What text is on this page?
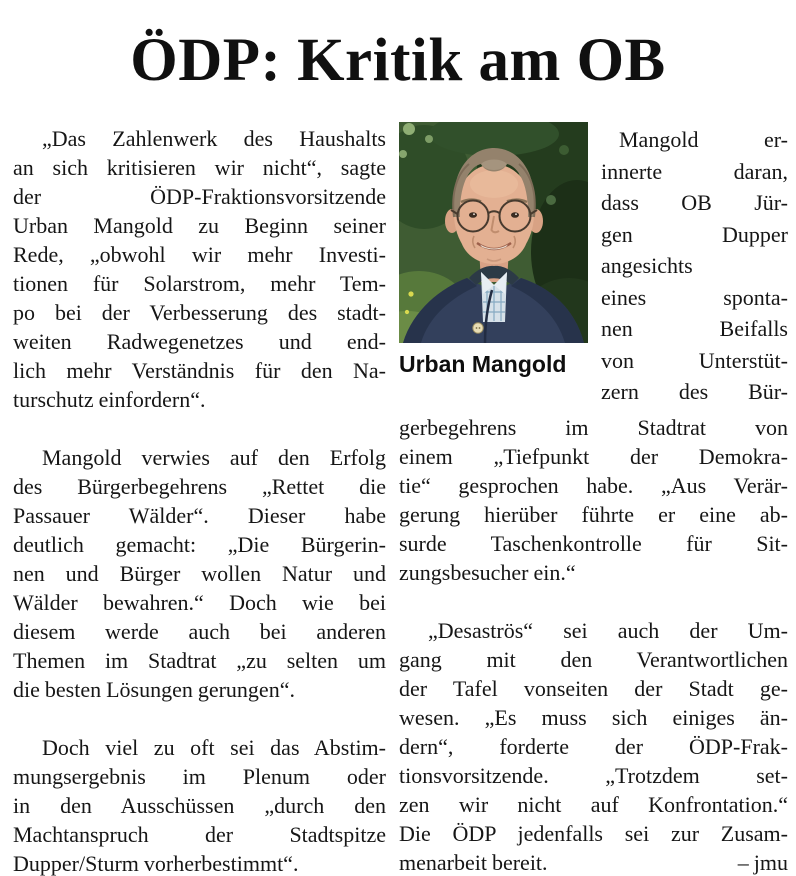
ÖDP: Kritik am OB
„Das Zahlenwerk des Haushalts
an sich kritisieren wir nicht“, sagte
der ÖDP-Fraktionsvorsitzende
Urban Mangold zu Beginn seiner
Rede, „obwohl wir mehr Investi-
tionen für Solarstrom, mehr Tem-
po bei der Verbesserung des stadt-
weiten Radwegenetzes und end-
lich mehr Verständnis für den Na-
turschutz einfordern“.
Mangold verwies auf den Erfolg
des Bürgerbegehrens „Rettet die
Passauer Wälder“. Dieser habe
deutlich gemacht: „Die Bürgerin-
nen und Bürger wollen Natur und
Wälder bewahren.“ Doch wie bei
diesem werde auch bei anderen
Themen im Stadtrat „zu selten um
die besten Lösungen gerungen“.
Doch viel zu oft sei das Abstim-
mungsergebnis im Plenum oder
in den Ausschüssen „durch den
Machtanspruch der Stadtspitze
Dupper/Sturm vorherbestimmt“.
Urban Mangold
Mangold er-
innerte daran,
dass OB Jür-
gen Dupper
angesichts
eines sponta-
nen Beifalls
von Unterstüt-
zern des Bür-
gerbegehrens im Stadtrat von
einem „Tiefpunkt der Demokra-
tie“ gesprochen habe. „Aus Verär-
gerung hierüber führte er eine ab-
surde Taschenkontrolle für Sit-
zungsbesucher ein.“
„Desaströs“ sei auch der Um-
gang mit den Verantwortlichen
der Tafel vonseiten der Stadt ge-
wesen. „Es muss sich einiges än-
dern“, forderte der ÖDP-Frak-
tionsvorsitzende. „Trotzdem set-
zen wir nicht auf Konfrontation.“
Die ÖDP jedenfalls sei zur Zusam-
menarbeit bereit.	– jmu
